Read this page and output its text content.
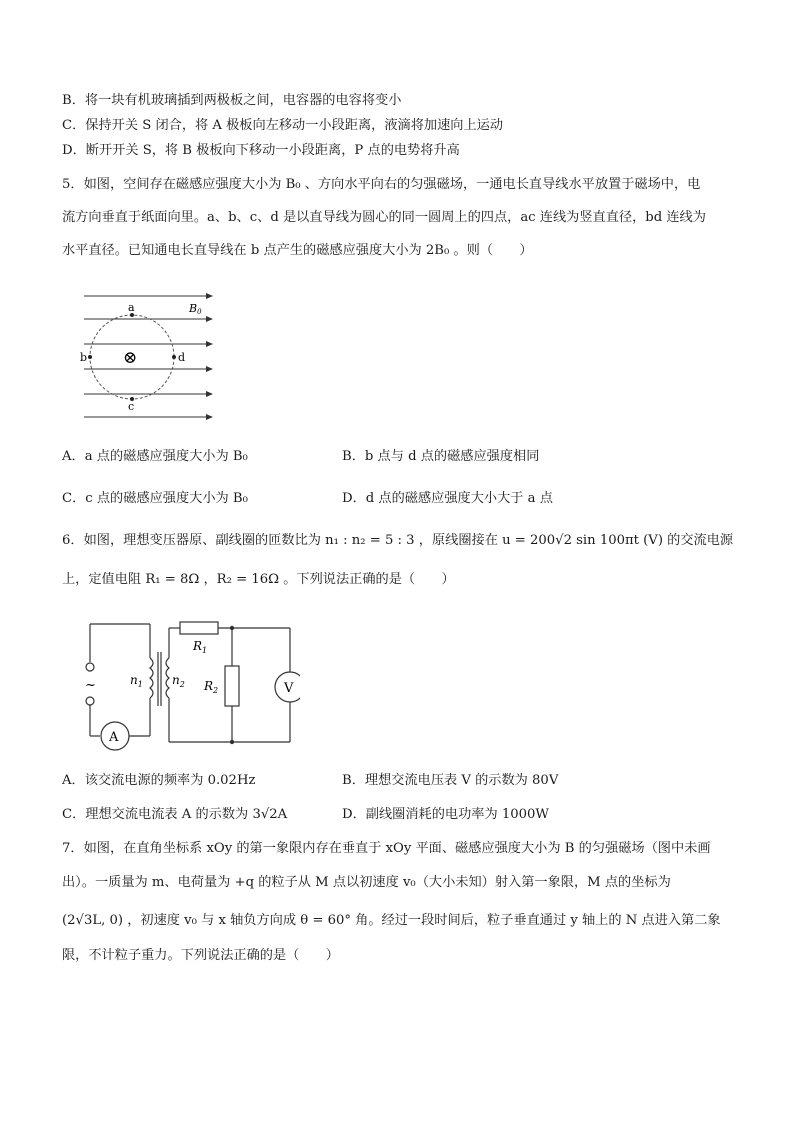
B．将一块有机玻璃插到两极板之间，电容器的电容将变小
C．保持开关 S 闭合，将 A 极板向左移动一小段距离，液滴将加速向上运动
D．断开开关 S，将 B 极板向下移动一小段距离，P 点的电势将升高
5．如图，空间存在磁感应强度大小为 B₀ 、方向水平向右的匀强磁场，一通电长直导线水平放置于磁场中，电
流方向垂直于纸面向里。a、b、c、d 是以直导线为圆心的同一圆周上的四点，ac 连线为竖直直径，bd 连线为
水平直径。已知通电长直导线在 b 点产生的磁感应强度大小为 2B₀ 。则（　　）
a
b	d
c
⊗
B0
A．a 点的磁感应强度大小为 B₀	B．b 点与 d 点的磁感应强度相同
C．c 点的磁感应强度大小为 B₀	D．d 点的磁感应强度大小大于 a 点
6．如图，理想变压器原、副线圈的匝数比为 n₁ : n₂ = 5 : 3 ，原线圈接在 u = 200√2 sin 100πt (V) 的交流电源
上，定值电阻 R₁ = 8Ω ，R₂ = 16Ω 。下列说法正确的是（　　）
~
A
V
$n_1$ $n_2$
$R_1$
$R_2$
A．该交流电源的频率为 0.02Hz	B．理想交流电压表 V 的示数为 80V
C．理想交流电流表 A 的示数为 3√2A	D．副线圈消耗的电功率为 1000W
7．如图，在直角坐标系 xOy 的第一象限内存在垂直于 xOy 平面、磁感应强度大小为 B 的匀强磁场（图中未画
出）。一质量为 m、电荷量为 +q 的粒子从 M 点以初速度 v₀（大小未知）射入第一象限，M 点的坐标为
(2√3L, 0) ，初速度 v₀ 与 x 轴负方向成 θ = 60° 角。经过一段时间后，粒子垂直通过 y 轴上的 N 点进入第二象
限，不计粒子重力。下列说法正确的是（　　）
